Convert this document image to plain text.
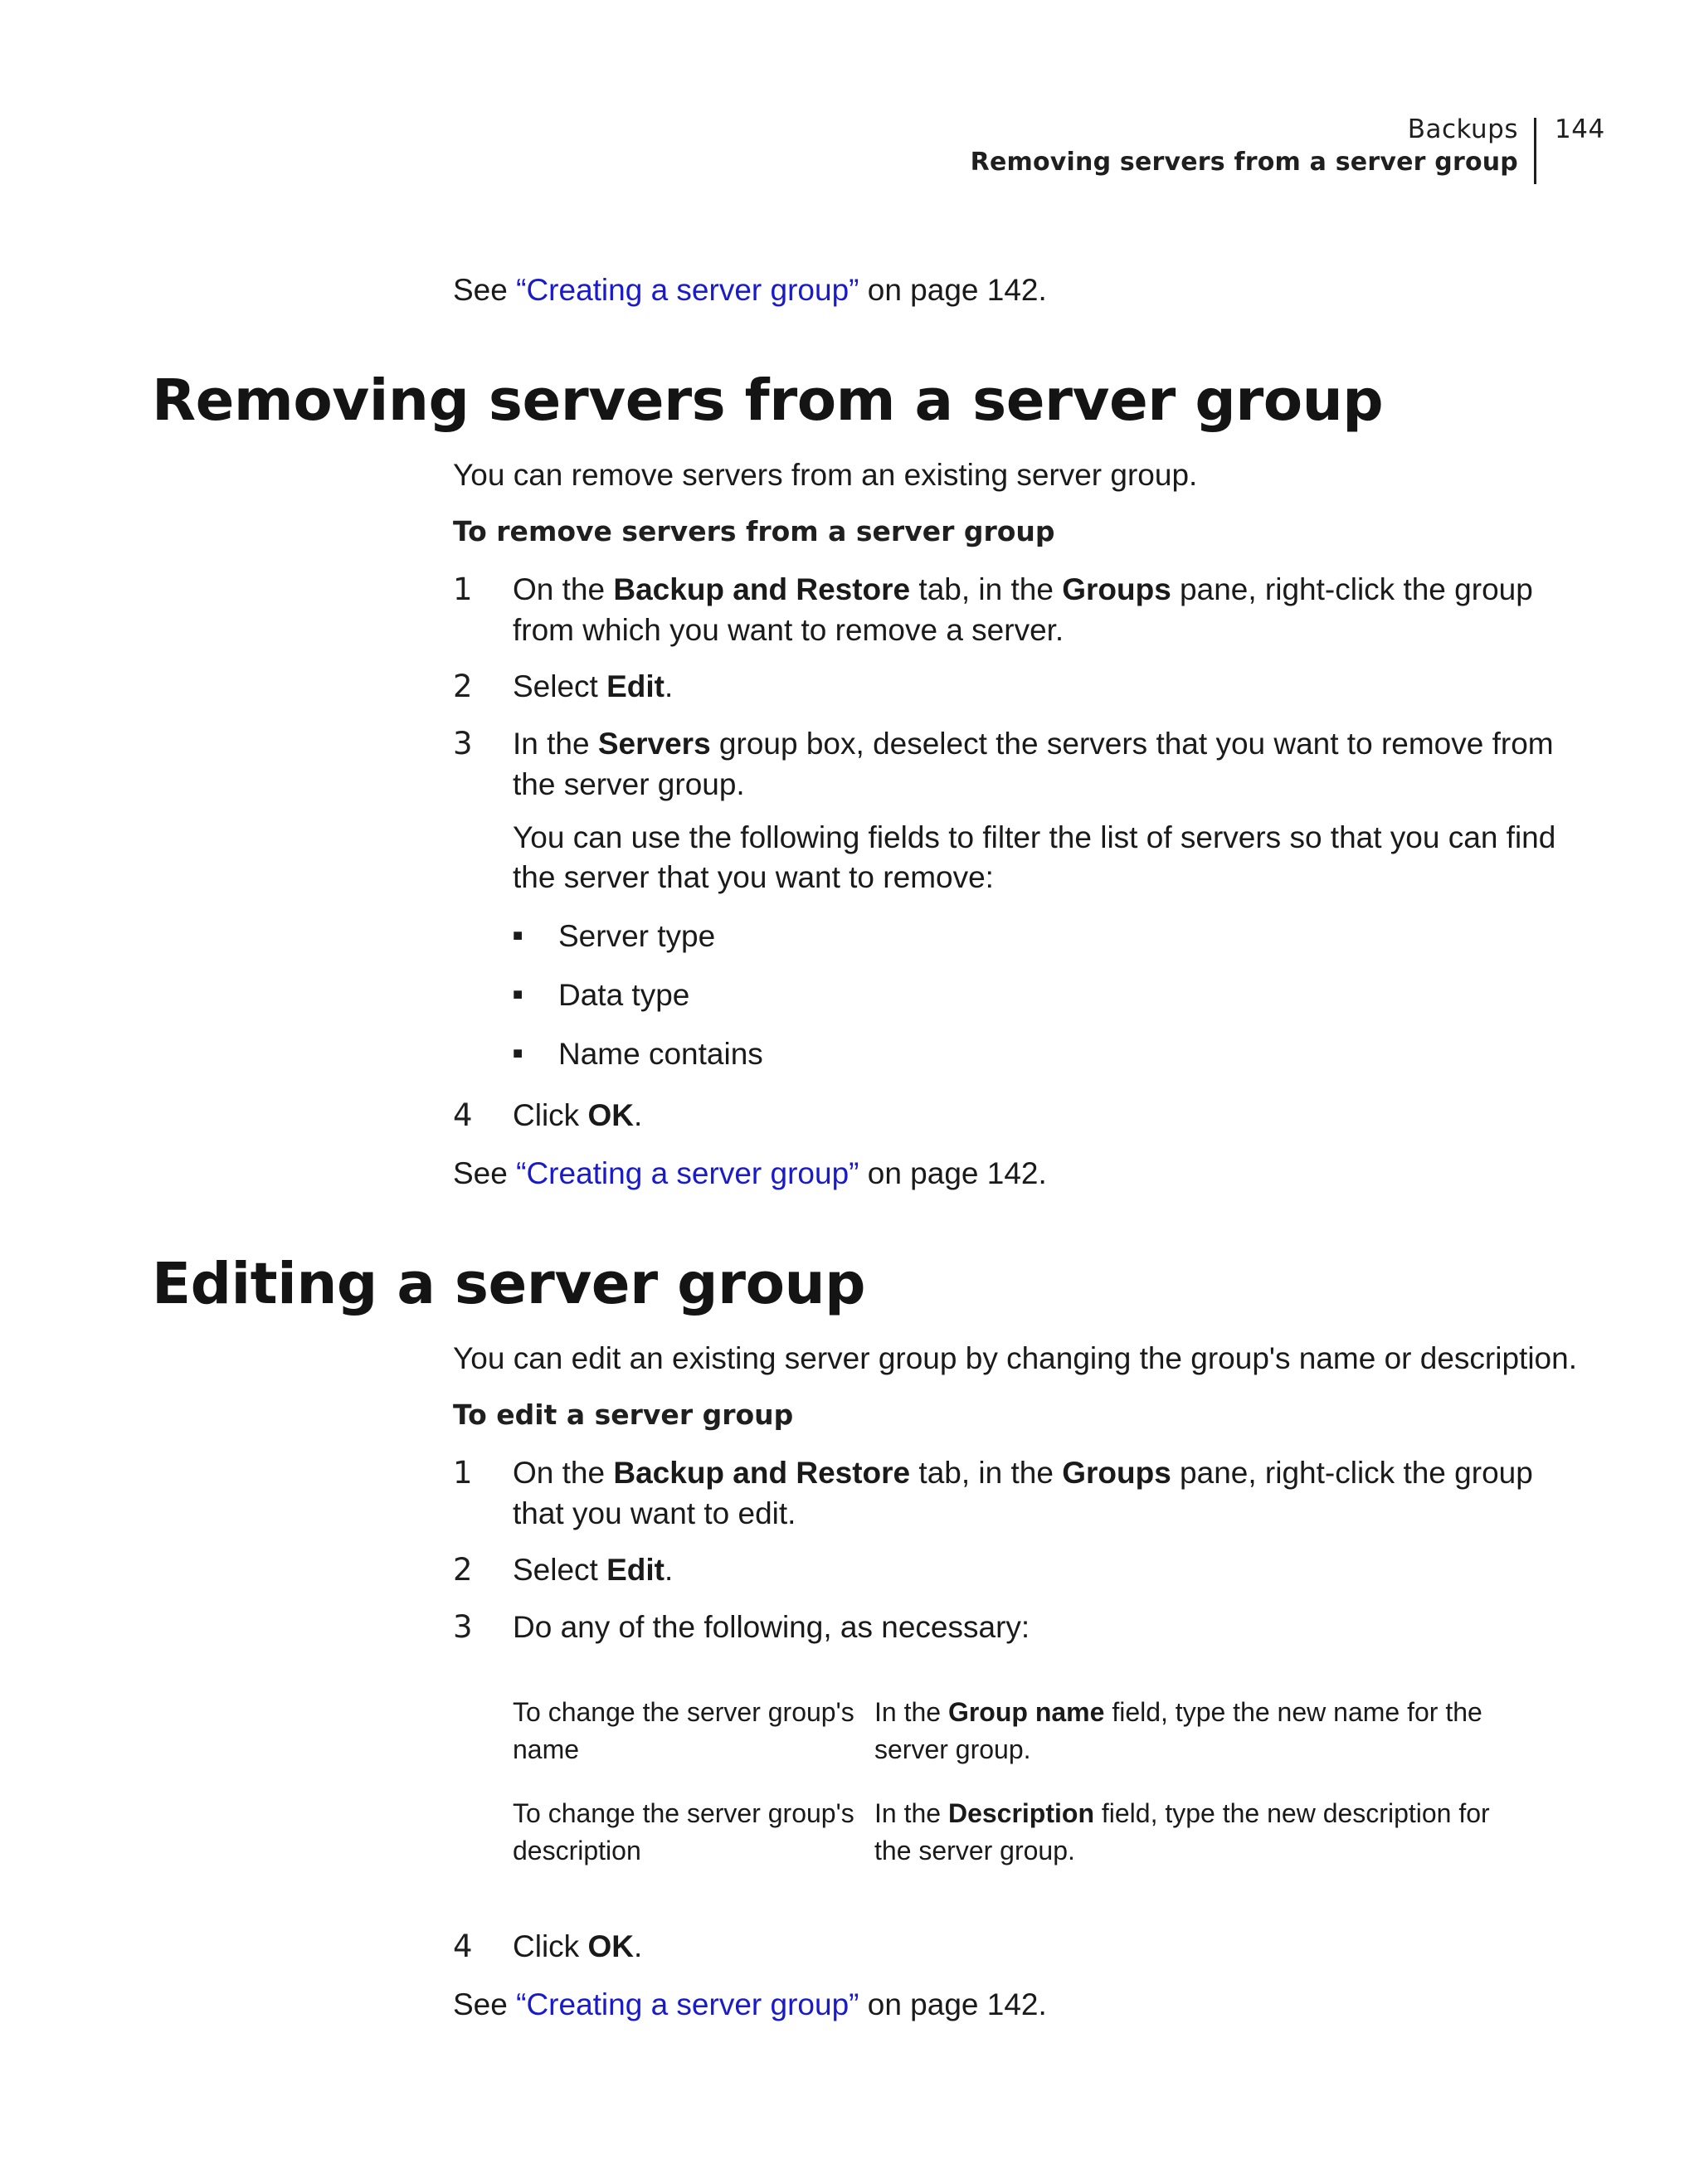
Backups
Removing servers from a server group
144
See “Creating a server group” on page 142.
Removing servers from a server group
You can remove servers from an existing server group.
To remove servers from a server group
1 On the Backup and Restore tab, in the Groups pane, right-click the group
from which you want to remove a server.
2 Select Edit.
3 In the Servers group box, deselect the servers that you want to remove from
the server group.
You can use the following fields to filter the list of servers so that you can find
the server that you want to remove:
■ Server type
■ Data type
■ Name contains
4 Click OK.
See “Creating a server group” on page 142.
Editing a server group
You can edit an existing server group by changing the group's name or description.
To edit a server group
1 On the Backup and Restore tab, in the Groups pane, right-click the group
that you want to edit.
2 Select Edit.
3 Do any of the following, as necessary:
To change the server group's
name
In the Group name field, type the new name for the
server group.
To change the server group's
description
In the Description field, type the new description for
the server group.
4 Click OK.
See “Creating a server group” on page 142.
